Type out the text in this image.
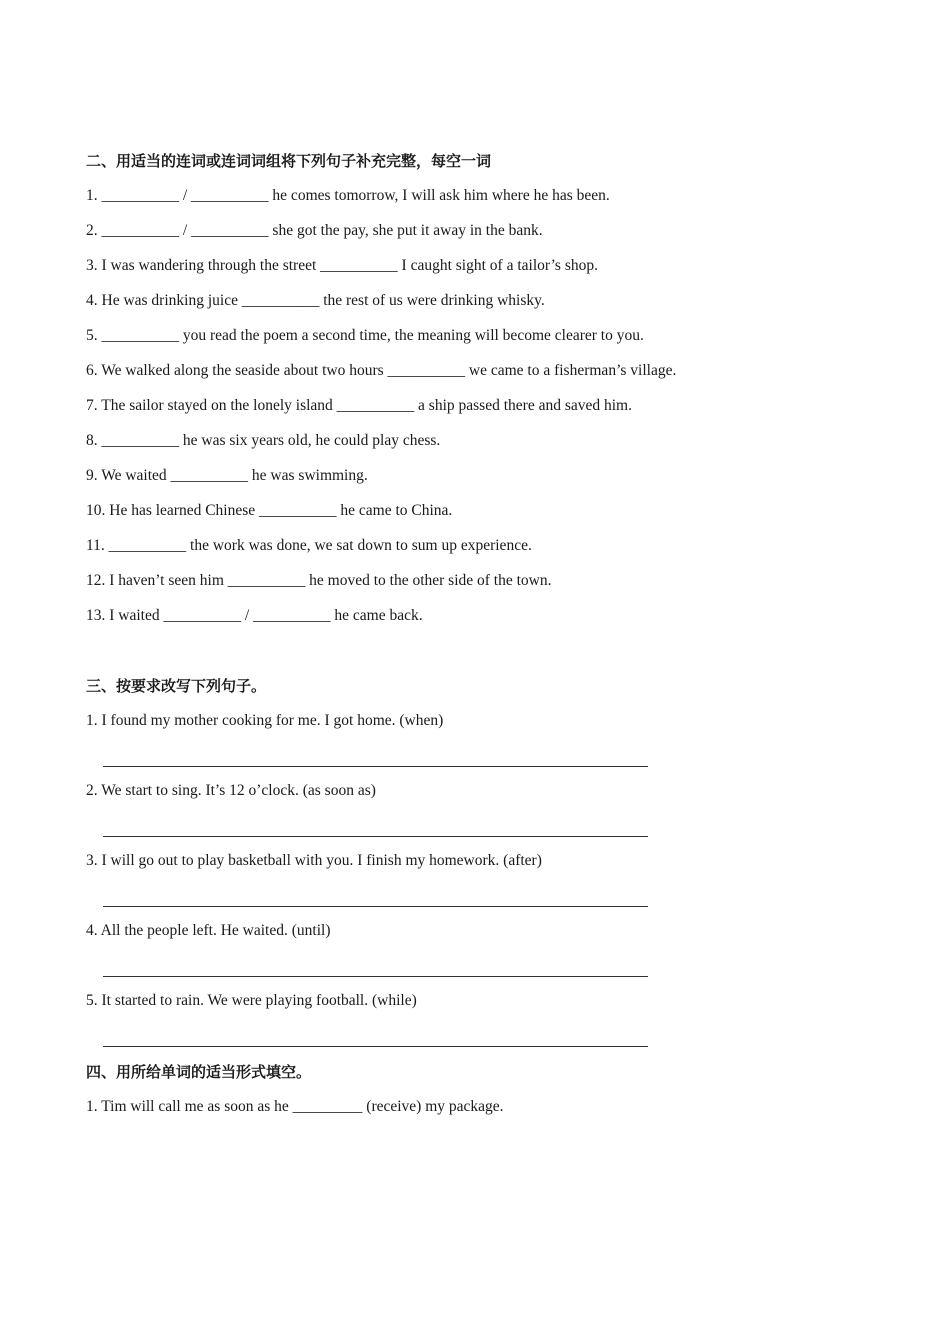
二、用适当的连词或连词词组将下列句子补充完整，每空一词
1. __________ / __________ he comes tomorrow, I will ask him where he has been.
2. __________ / __________ she got the pay, she put it away in the bank.
3. I was wandering through the street __________ I caught sight of a tailor’s shop.
4. He was drinking juice __________ the rest of us were drinking whisky.
5. __________ you read the poem a second time, the meaning will become clearer to you.
6. We walked along the seaside about two hours __________ we came to a fisherman’s village.
7. The sailor stayed on the lonely island __________ a ship passed there and saved him.
8. __________ he was six years old, he could play chess.
9. We waited __________ he was swimming.
10. He has learned Chinese __________ he came to China.
11. __________ the work was done, we sat down to sum up experience.
12. I haven’t seen him __________ he moved to the other side of the town.
13. I waited __________ / __________ he came back.
三、按要求改写下列句子。
1. I found my mother cooking for me. I got home. (when)
2. We start to sing. It’s 12 o’clock. (as soon as)
3. I will go out to play basketball with you. I finish my homework. (after)
4. All the people left. He waited. (until)
5. It started to rain. We were playing football. (while)
四、用所给单词的适当形式填空。
1. Tim will call me as soon as he _________ (receive) my package.
